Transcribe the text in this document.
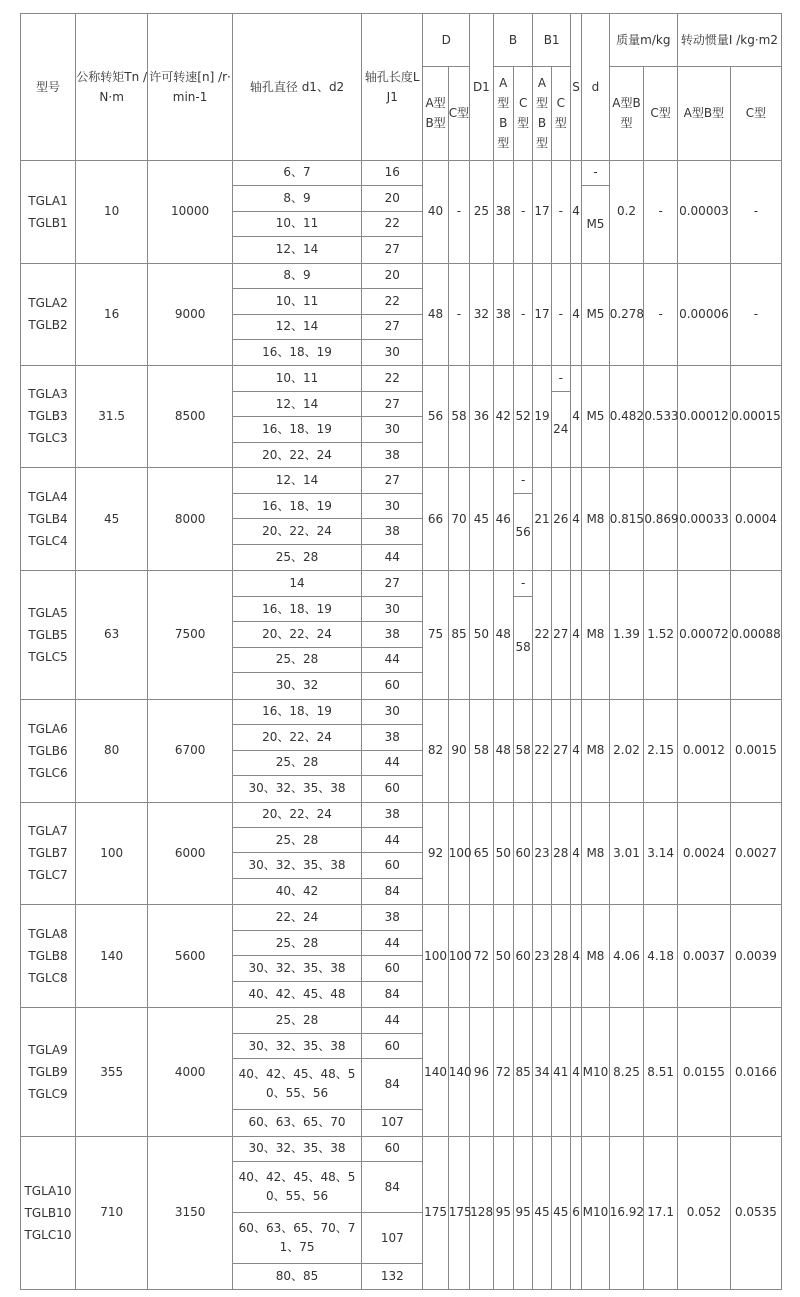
型号	公称转矩Tn /N·m	许可转速[n] /r·min-1	轴孔直径 d1、d2	轴孔长度L J1	D		D1	B		B1		S	d	质量m/kg		转动惯量I /kg·m2	
					A型B型	C型		A型B型	C型	A型B型	C型			A型B型	C型	A型B型	C型

TGLA1
TGLB1	10	10000	6、7	16	40	-	25	38	-	17	-	4	-	0.2	-	0.00003	-
			8、9	20									M5				
			10、11	22													
			12、14	27													

TGLA2
TGLB2	16	9000	8、9	20	48	-	32	38	-	17	-	4	M5	0.278	-	0.00006	-
			10、11	22													
			12、14	27													
			16、18、19	30													

TGLA3
TGLB3
TGLC3	31.5	8500	10、11	22	56	58	36	42	52	19	-	4	M5	0.482	0.533	0.00012	0.00015
			12、14	27							24						
			16、18、19	30													
			20、22、24	38													

TGLA4
TGLB4
TGLC4	45	8000	12、14	27	66	70	45	46	-	21	26	4	M8	0.815	0.869	0.00033	0.0004
			16、18、19	30					56								
			20、22、24	38													
			25、28	44													

TGLA5
TGLB5
TGLC5	63	7500	14	27	75	85	50	48	-	22	27	4	M8	1.39	1.52	0.00072	0.00088
			16、18、19	30					58								
			20、22、24	38													
			25、28	44													
			30、32	60													

TGLA6
TGLB6
TGLC6	80	6700	16、18、19	30	82	90	58	48	58	22	27	4	M8	2.02	2.15	0.0012	0.0015
			20、22、24	38													
			25、28	44													
			30、32、35、38	60													

TGLA7
TGLB7
TGLC7	100	6000	20、22、24	38	92	100	65	50	60	23	28	4	M8	3.01	3.14	0.0024	0.0027
			25、28	44													
			30、32、35、38	60													
			40、42	84													

TGLA8
TGLB8
TGLC8	140	5600	22、24	38	100	100	72	50	60	23	28	4	M8	4.06	4.18	0.0037	0.0039
			25、28	44													
			30、32、35、38	60													
			40、42、45、48	84													

TGLA9
TGLB9
TGLC9	355	4000	25、28	44	140	140	96	72	85	34	41	4	M10	8.25	8.51	0.0155	0.0166
			30、32、35、38	60													
			40、42、45、48、50、55、56	84													
			60、63、65、70	107													

TGLA10
TGLB10
TGLC10	710	3150	30、32、35、38	60	175	175	128	95	95	45	45	6	M10	16.92	17.1	0.052	0.0535
			40、42、45、48、50、55、56	84													
			60、63、65、70、71、75	107													
			80、85	132													
